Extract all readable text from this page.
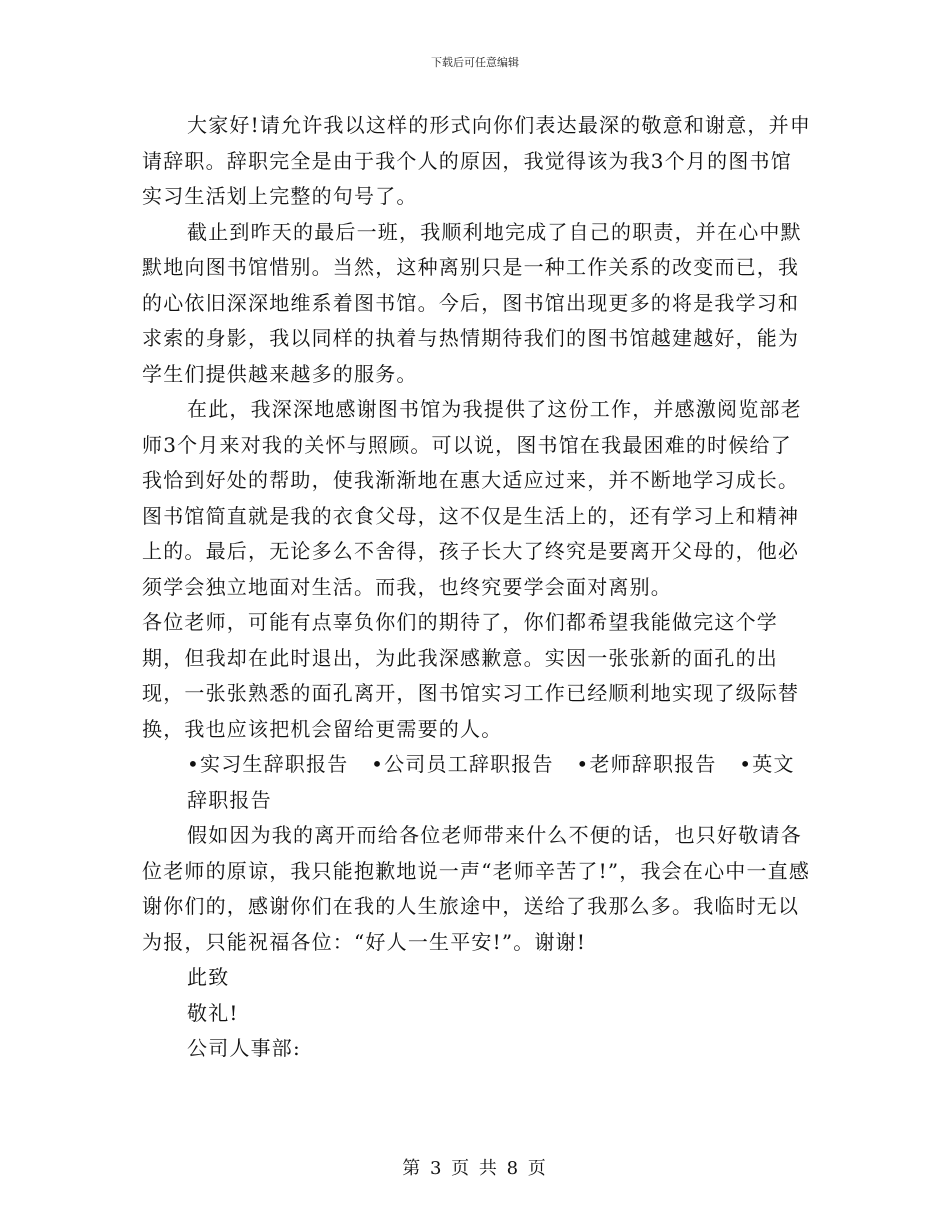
下载后可任意编辑

大家好!请允许我以这样的形式向你们表达最深的敬意和谢意，并申请辞职。辞职完全是由于我个人的原因，我觉得该为我3个月的图书馆实习生活划上完整的句号了。

截止到昨天的最后一班，我顺利地完成了自己的职责，并在心中默默地向图书馆惜别。当然，这种离别只是一种工作关系的改变而已，我的心依旧深深地维系着图书馆。今后，图书馆出现更多的将是我学习和求索的身影，我以同样的执着与热情期待我们的图书馆越建越好，能为学生们提供越来越多的服务。

在此，我深深地感谢图书馆为我提供了这份工作，并感激阅览部老师3个月来对我的关怀与照顾。可以说，图书馆在我最困难的时候给了我恰到好处的帮助，使我渐渐地在惠大适应过来，并不断地学习成长。图书馆简直就是我的衣食父母，这不仅是生活上的，还有学习上和精神上的。最后，无论多么不舍得，孩子长大了终究是要离开父母的，他必须学会独立地面对生活。而我，也终究要学会面对离别。

各位老师，可能有点辜负你们的期待了，你们都希望我能做完这个学期，但我却在此时退出，为此我深感歉意。实因一张张新的面孔的出现，一张张熟悉的面孔离开，图书馆实习工作已经顺利地实现了级际替换，我也应该把机会留给更需要的人。

•实习生辞职报告 •公司员工辞职报告 •老师辞职报告 •英文辞职报告

假如因为我的离开而给各位老师带来什么不便的话，也只好敬请各位老师的原谅，我只能抱歉地说一声“老师辛苦了!”，我会在心中一直感谢你们的，感谢你们在我的人生旅途中，送给了我那么多。我临时无以为报，只能祝福各位：“好人一生平安!”。谢谢!

此致

敬礼!

公司人事部:

第 3 页 共 8 页
